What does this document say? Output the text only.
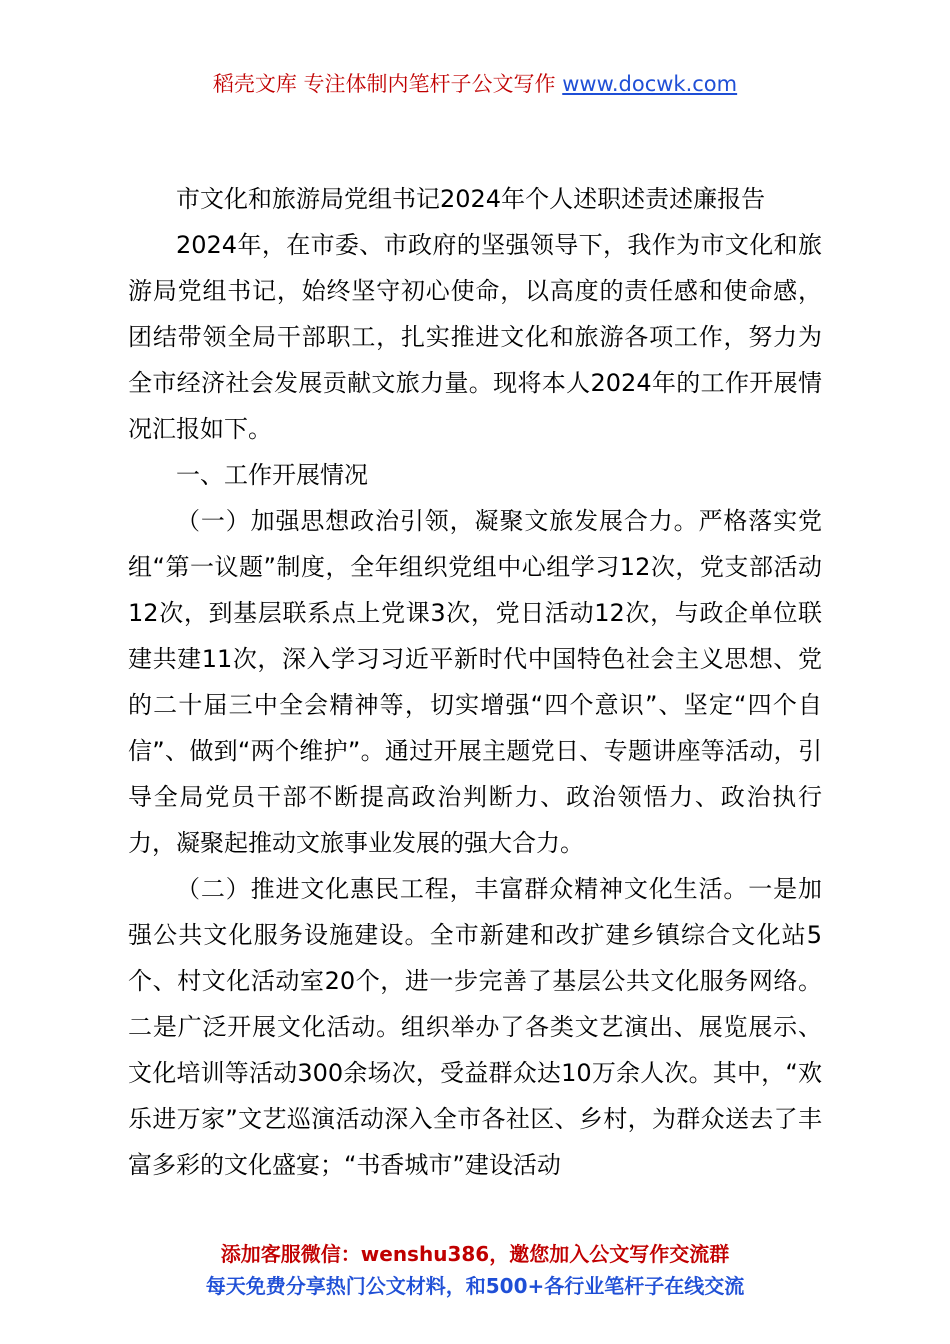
稻壳文库 专注体制内笔杆子公文写作 www.docwk.com

市文化和旅游局党组书记2024年个人述职述责述廉报告

2024年，在市委、市政府的坚强领导下，我作为市文化和旅游局党组书记，始终坚守初心使命，以高度的责任感和使命感，团结带领全局干部职工，扎实推进文化和旅游各项工作，努力为全市经济社会发展贡献文旅力量。现将本人2024年的工作开展情况汇报如下。

一、工作开展情况

（一）加强思想政治引领，凝聚文旅发展合力。严格落实党组“第一议题”制度，全年组织党组中心组学习12次，党支部活动12次，到基层联系点上党课3次，党日活动12次，与政企单位联建共建11次，深入学习习近平新时代中国特色社会主义思想、党的二十届三中全会精神等，切实增强“四个意识”、坚定“四个自信”、做到“两个维护”。通过开展主题党日、专题讲座等活动，引导全局党员干部不断提高政治判断力、政治领悟力、政治执行力，凝聚起推动文旅事业发展的强大合力。

（二）推进文化惠民工程，丰富群众精神文化生活。一是加强公共文化服务设施建设。全市新建和改扩建乡镇综合文化站5个、村文化活动室20个，进一步完善了基层公共文化服务网络。二是广泛开展文化活动。组织举办了各类文艺演出、展览展示、文化培训等活动300余场次，受益群众达10万余人次。其中，“欢乐进万家”文艺巡演活动深入全市各社区、乡村，为群众送去了丰富多彩的文化盛宴；“书香城市”建设活动

添加客服微信：wenshu386，邀您加入公文写作交流群
每天免费分享热门公文材料，和500+各行业笔杆子在线交流
